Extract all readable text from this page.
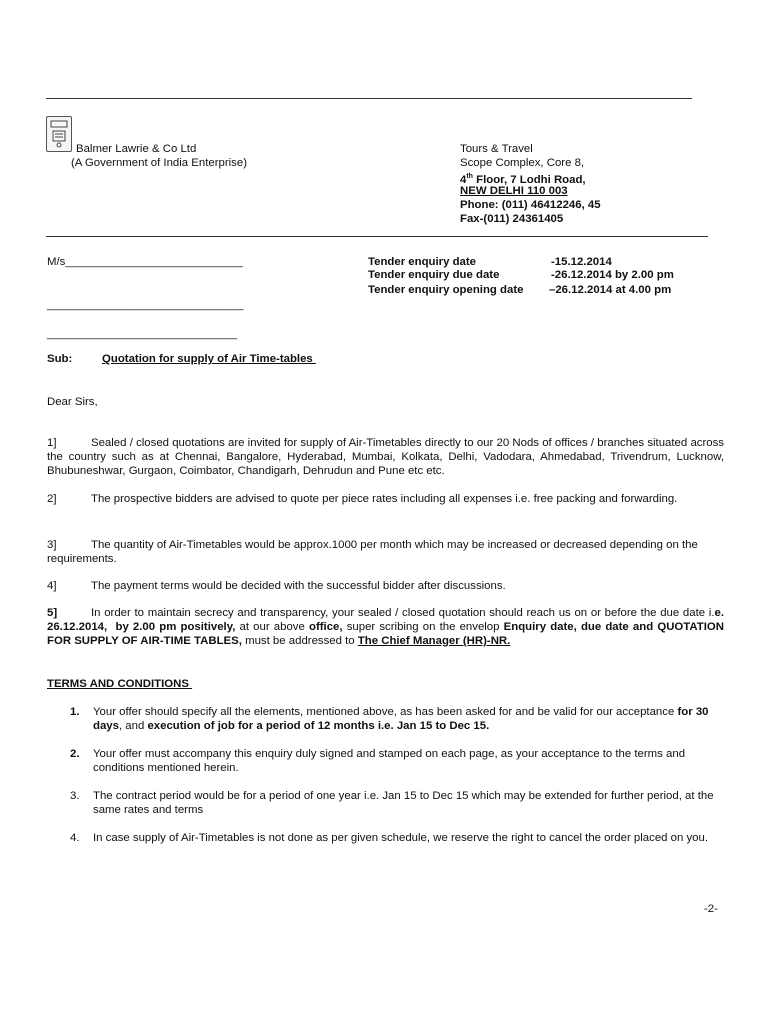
Balmer Lawrie & Co Ltd
(A Government of India Enterprise)
Tours & Travel
Scope Complex, Core 8,
4th Floor, 7 Lodhi Road,
NEW DELHI 110 003
Phone: (011) 46412246, 45
Fax-(011) 24361405
M/s____________________________
_______________________________
______________________________
Tender enquiry date	-15.12.2014
Tender enquiry due date	-26.12.2014 by 2.00 pm
Tender enquiry opening date –26.12.2014 at 4.00 pm
Sub:	Quotation for supply of Air Time-tables
Dear Sirs,
1]	Sealed / closed quotations are invited for supply of Air-Timetables directly to our 20 Nods of offices / branches situated across the country such as at Chennai, Bangalore, Hyderabad, Mumbai, Kolkata, Delhi, Vadodara, Ahmedabad, Trivendrum, Lucknow, Bhubuneshwar, Gurgaon, Coimbator, Chandigarh, Dehrudun and Pune etc etc.
2]	The prospective bidders are advised to quote per piece rates including all expenses i.e. free packing and forwarding.
3]	The quantity of Air-Timetables would be approx.1000 per month which may be increased or decreased depending on the requirements.
4]	The payment terms would be decided with the successful bidder after discussions.
5]	In order to maintain secrecy and transparency, your sealed / closed quotation should reach us on or before the due date i.e. 26.12.2014,  by 2.00 pm positively, at our above office, super scribing on the envelop Enquiry date, due date and QUOTATION FOR SUPPLY OF AIR-TIME TABLES, must be addressed to The Chief Manager (HR)-NR.
TERMS AND CONDITIONS
1.	Your offer should specify all the elements, mentioned above, as has been asked for and be valid for our acceptance for 30 days, and execution of job for a period of 12 months i.e. Jan 15 to Dec 15.
2.	Your offer must accompany this enquiry duly signed and stamped on each page, as your acceptance to the terms and conditions mentioned herein.
3.	The contract period would be for a period of one year i.e. Jan 15 to Dec 15 which may be extended for further period, at the same rates and terms
4.	In case supply of Air-Timetables is not done as per given schedule, we reserve the right to cancel the order placed on you.
-2-
